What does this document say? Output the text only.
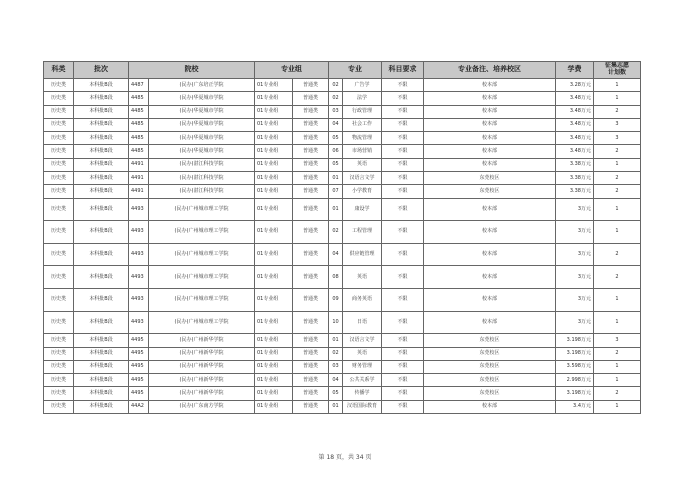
科类	批次	院校		专业组		专业		科目要求	专业备注、培养校区	学费	征集志愿
计划数

历史类	本科批B段	4487	(民办)广东培正学院	01专业组	普通类	02	广告学	不限	校本部	3.28万元	1
历史类	本科批B段	4485	(民办)华夏城市学院	01专业组	普通类	02	法学	不限	校本部	3.48万元	1
历史类	本科批B段	4485	(民办)华夏城市学院	01专业组	普通类	03	行政管理	不限	校本部	3.48万元	2
历史类	本科批B段	4485	(民办)华夏城市学院	01专业组	普通类	04	社会工作	不限	校本部	3.48万元	3
历史类	本科批B段	4485	(民办)华夏城市学院	01专业组	普通类	05	物流管理	不限	校本部	3.48万元	3
历史类	本科批B段	4485	(民办)华夏城市学院	01专业组	普通类	06	市场营销	不限	校本部	3.48万元	2
历史类	本科批B段	4491	(民办)湛江科技学院	01专业组	普通类	05	英语	不限	校本部	3.38万元	1
历史类	本科批B段	4491	(民办)湛江科技学院	01专业组	普通类	01	汉语言文学	不限	东莞校区	3.38万元	2
历史类	本科批B段	4491	(民办)湛江科技学院	01专业组	普通类	07	小学教育	不限	东莞校区	3.38万元	2
历史类	本科批B段	4493	(民办)广州城市理工学院	01专业组	普通类	01	康设学	不限	校本部	3万元	1
历史类	本科批B段	4493	(民办)广州城市理工学院	01专业组	普通类	02	工程管理	不限	校本部	3万元	1
历史类	本科批B段	4493	(民办)广州城市理工学院	01专业组	普通类	04	供应链管理	不限	校本部	3万元	2
历史类	本科批B段	4493	(民办)广州城市理工学院	01专业组	普通类	08	英语	不限	校本部	3万元	2
历史类	本科批B段	4493	(民办)广州城市理工学院	01专业组	普通类	09	商务英语	不限	校本部	3万元	1
历史类	本科批B段	4493	(民办)广州城市理工学院	01专业组	普通类	10	日语	不限	校本部	3万元	1
历史类	本科批B段	4495	(民办)广州新华学院	01专业组	普通类	01	汉语言文学	不限	东莞校区	3.198万元	3
历史类	本科批B段	4495	(民办)广州新华学院	01专业组	普通类	02	英语	不限	东莞校区	3.198万元	2
历史类	本科批B段	4495	(民办)广州新华学院	01专业组	普通类	03	财务管理	不限	东莞校区	3.598万元	1
历史类	本科批B段	4495	(民办)广州新华学院	01专业组	普通类	04	公共关系学	不限	东莞校区	2.998万元	1
历史类	本科批B段	4495	(民办)广州新华学院	01专业组	普通类	05	传播学	不限	东莞校区	3.198万元	2
历史类	本科批B段	44A2	(民办)广东南方学院	01专业组	普通类	01	汉语国际教育	不限	校本部	3.4万元	1
第 18 页，共 34 页
